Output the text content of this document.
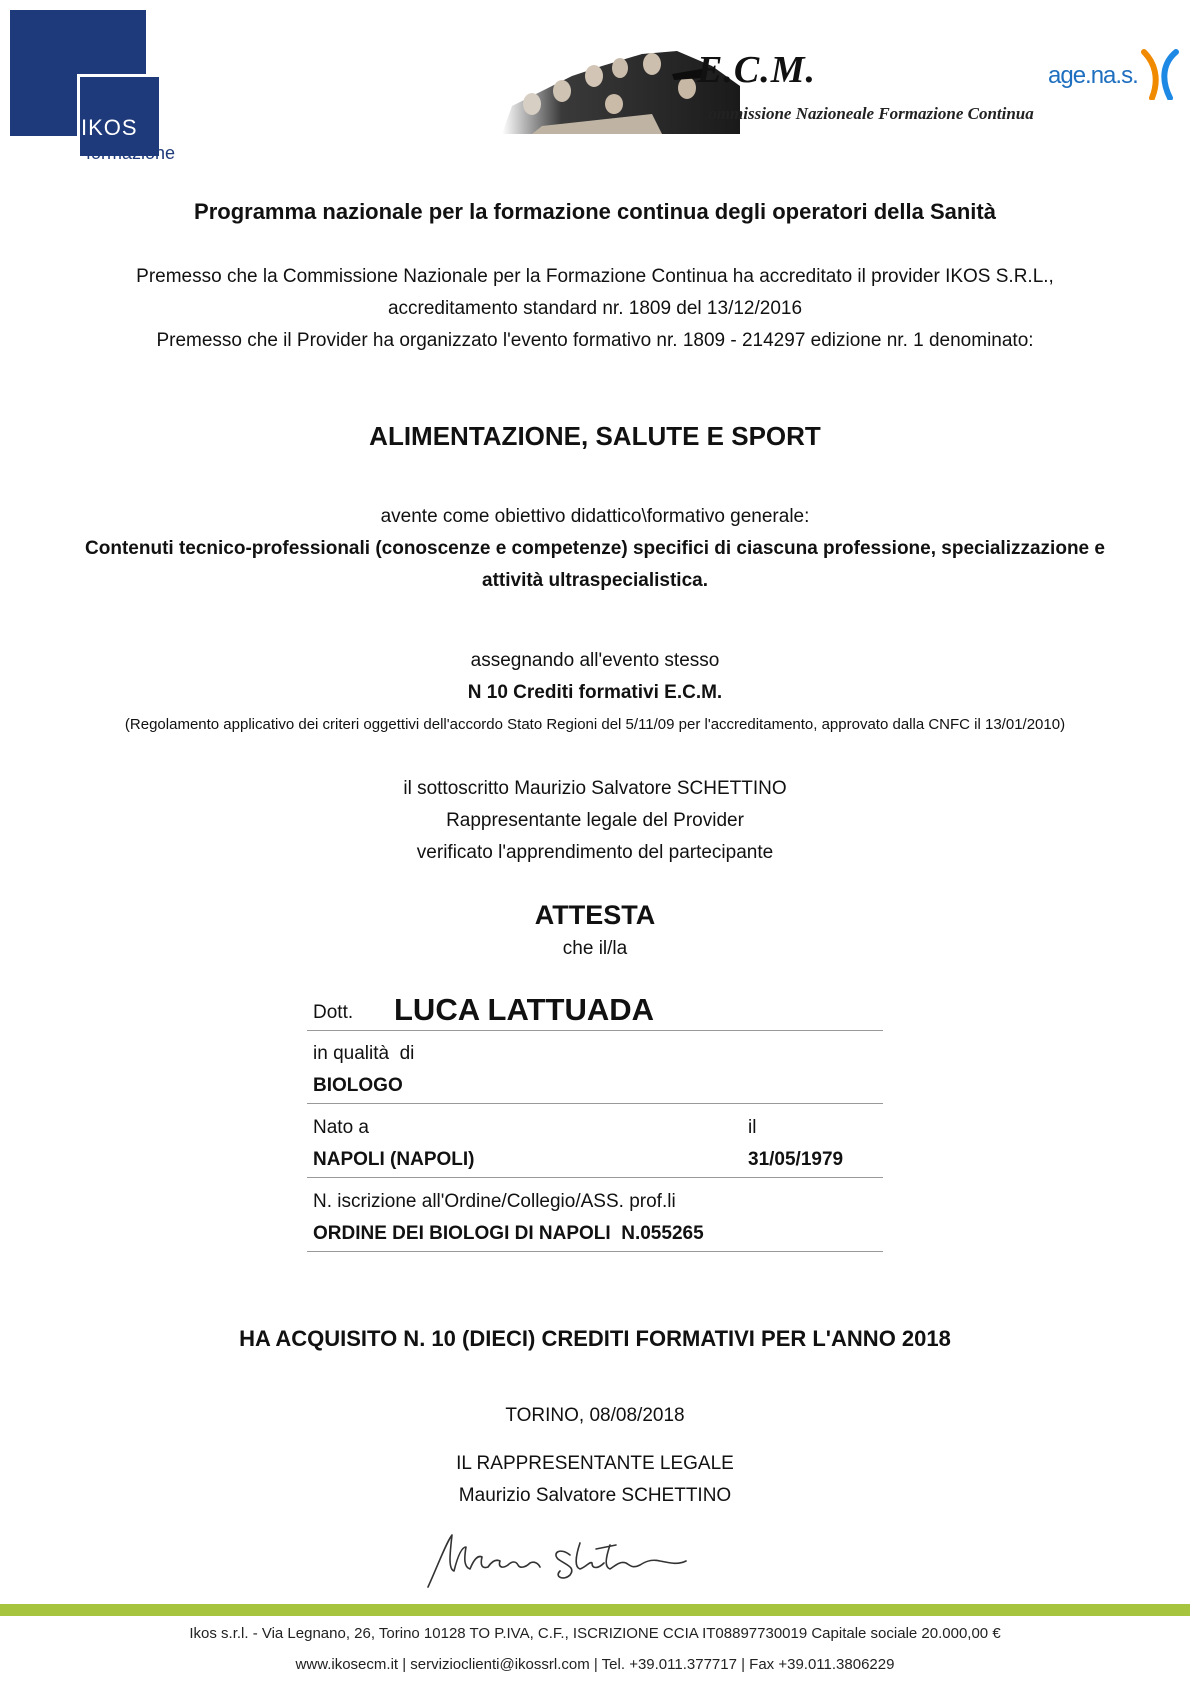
IKOS
formazione
E.C.M.
Commissione Nazioneale Formazione Continua
age.na.s.
Programma nazionale per la formazione continua degli operatori della Sanità
Premesso che la Commissione Nazionale per la Formazione Continua ha accreditato il provider IKOS S.R.L.,
accreditamento standard nr. 1809 del 13/12/2016
Premesso che il Provider ha organizzato l'evento formativo nr. 1809 - 214297 edizione nr. 1 denominato:
ALIMENTAZIONE, SALUTE E SPORT
avente come obiettivo didattico\formativo generale:
Contenuti tecnico-professionali (conoscenze e competenze) specifici di ciascuna professione, specializzazione e
attività ultraspecialistica.
assegnando all'evento stesso
N 10 Crediti formativi E.C.M.
(Regolamento applicativo dei criteri oggettivi dell'accordo Stato Regioni del 5/11/09 per l'accreditamento, approvato dalla CNFC il 13/01/2010)
il sottoscritto Maurizio Salvatore SCHETTINO
Rappresentante legale del Provider
verificato l'apprendimento del partecipante
ATTESTA
che il/la
Dott. LUCA LATTUADA
in qualità  di
BIOLOGO
Nato a	il
NAPOLI (NAPOLI)	31/05/1979
N. iscrizione all'Ordine/Collegio/ASS. prof.li
ORDINE DEI BIOLOGI DI NAPOLI  N.055265
HA ACQUISITO N. 10 (DIECI) CREDITI FORMATIVI PER L'ANNO 2018
TORINO, 08/08/2018
IL RAPPRESENTANTE LEGALE
Maurizio Salvatore SCHETTINO
Ikos s.r.l. - Via Legnano, 26, Torino 10128 TO P.IVA, C.F., ISCRIZIONE CCIA IT08897730019 Capitale sociale 20.000,00 €
www.ikosecm.it | servizioclienti@ikossrl.com | Tel. +39.011.377717 | Fax +39.011.3806229
